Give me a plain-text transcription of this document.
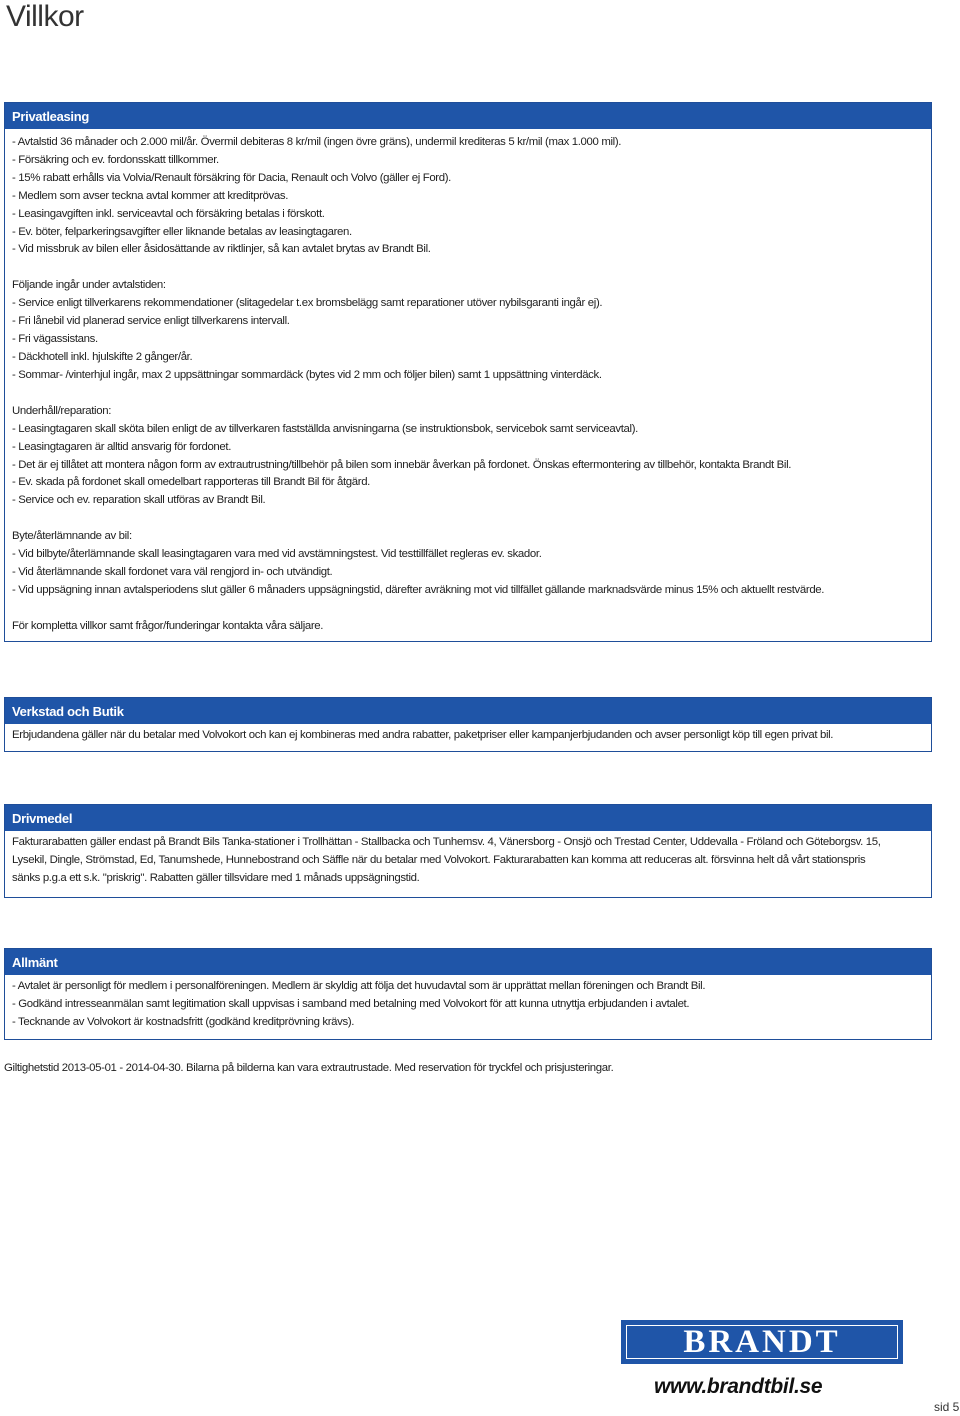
Villkor
Privatleasing
- Avtalstid 36 månader och 2.000 mil/år. Övermil debiteras 8 kr/mil (ingen övre gräns), undermil krediteras 5 kr/mil (max 1.000 mil).
- Försäkring och ev. fordonsskatt tillkommer.
- 15% rabatt erhålls via Volvia/Renault försäkring för Dacia, Renault och Volvo (gäller ej Ford).
- Medlem som avser teckna avtal kommer att kreditprövas.
- Leasingavgiften inkl. serviceavtal och försäkring betalas i förskott.
- Ev. böter, felparkeringsavgifter eller liknande betalas av leasingtagaren.
- Vid missbruk av bilen eller åsidosättande av riktlinjer, så kan avtalet brytas av Brandt Bil.
Följande ingår under avtalstiden:
- Service enligt tillverkarens rekommendationer (slitagedelar t.ex bromsbelägg samt reparationer utöver nybilsgaranti ingår ej).
- Fri lånebil vid planerad service enligt tillverkarens intervall.
- Fri vägassistans.
- Däckhotell inkl. hjulskifte 2 gånger/år.
- Sommar- /vinterhjul ingår, max 2 uppsättningar sommardäck (bytes vid 2 mm och följer bilen) samt 1 uppsättning vinterdäck.
Underhåll/reparation:
- Leasingtagaren skall sköta bilen enligt de av tillverkaren fastställda anvisningarna (se instruktionsbok, servicebok samt serviceavtal).
- Leasingtagaren är alltid ansvarig för fordonet.
- Det är ej tillåtet att montera någon form av extrautrustning/tillbehör på bilen som innebär åverkan på fordonet. Önskas eftermontering av tillbehör, kontakta Brandt Bil.
- Ev. skada på fordonet skall omedelbart rapporteras till Brandt Bil för åtgärd.
- Service och ev. reparation skall utföras av Brandt Bil.
Byte/återlämnande av bil:
- Vid bilbyte/återlämnande skall leasingtagaren vara med vid avstämningstest. Vid testtillfället regleras ev. skador.
- Vid återlämnande skall fordonet vara väl rengjord in- och utvändigt.
- Vid uppsägning innan avtalsperiodens slut gäller 6 månaders uppsägningstid, därefter avräkning mot vid tillfället gällande marknadsvärde minus 15% och aktuellt restvärde.
För kompletta villkor samt frågor/funderingar kontakta våra säljare.
Verkstad och Butik
Erbjudandena gäller när du betalar med Volvokort och kan ej kombineras med andra rabatter, paketpriser eller kampanjerbjudanden och avser personligt köp till egen privat bil.
Drivmedel
Fakturarabatten gäller endast på Brandt Bils Tanka-stationer i Trollhättan - Stallbacka och Tunhemsv. 4, Vänersborg - Onsjö och Trestad Center, Uddevalla - Fröland och Göteborgsv. 15,
Lysekil, Dingle, Strömstad, Ed, Tanumshede, Hunnebostrand och Säffle när du betalar med Volvokort. Fakturarabatten kan komma att reduceras alt. försvinna helt då vårt stationspris
sänks p.g.a ett s.k. "priskrig". Rabatten gäller tillsvidare med 1 månads uppsägningstid.
Allmänt
- Avtalet är personligt för medlem i personalföreningen. Medlem är skyldig att följa det huvudavtal som är upprättat mellan föreningen och Brandt Bil.
- Godkänd intresseanmälan samt legitimation skall uppvisas i samband med betalning med Volvokort för att kunna utnyttja erbjudanden i avtalet.
- Tecknande av Volvokort är kostnadsfritt (godkänd kreditprövning krävs).
Giltighetstid 2013-05-01 - 2014-04-30. Bilarna på bilderna kan vara extrautrustade. Med reservation för tryckfel och prisjusteringar.
BRANDT
www.brandtbil.se
sid 5
